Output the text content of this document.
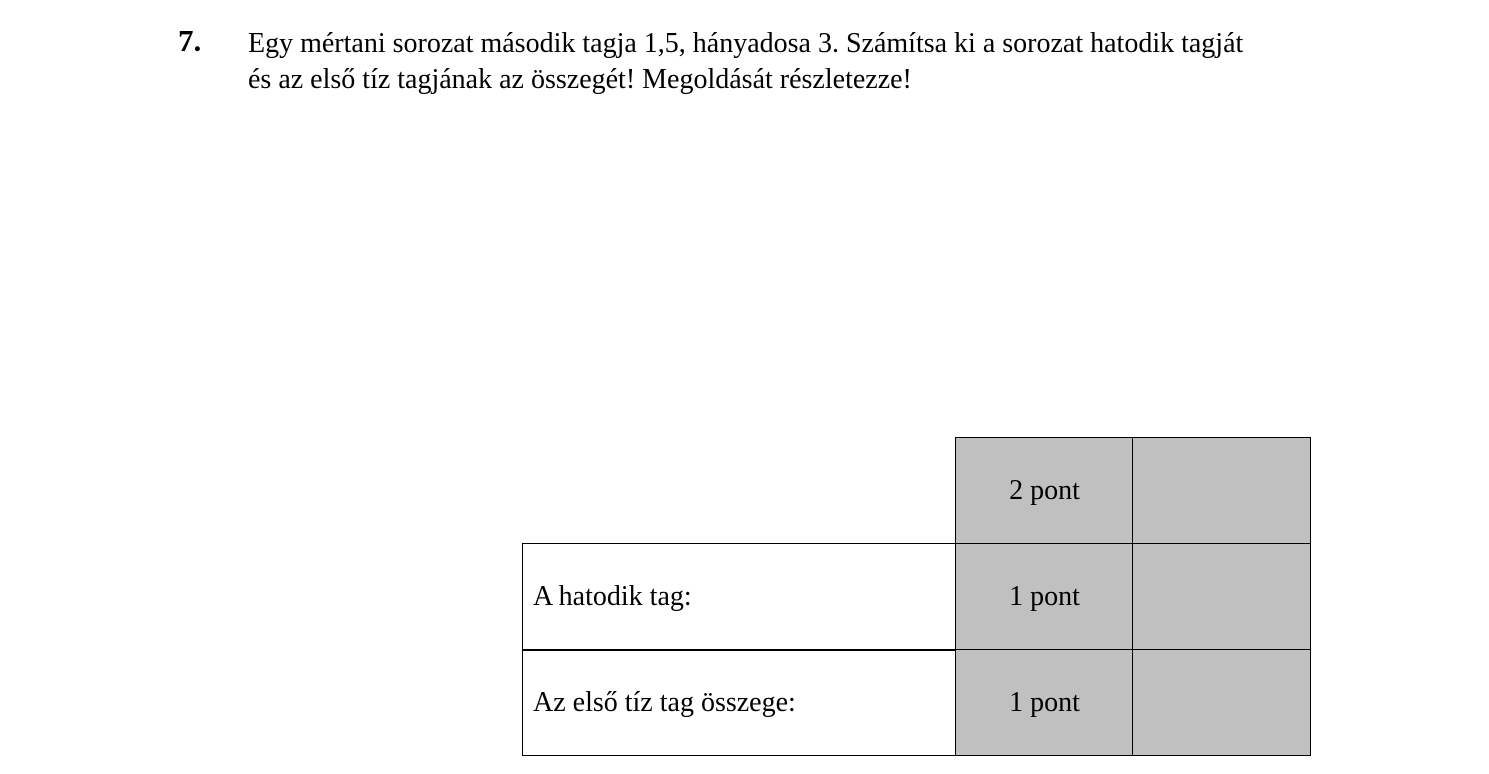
7. Egy mértani sorozat második tagja 1,5, hányadosa 3. Számítsa ki a sorozat hatodik tagját
és az első tíz tagjának az összegét! Megoldását részletezze!
2 pont
A hatodik tag:	1 pont
Az első tíz tag összege:	1 pont
